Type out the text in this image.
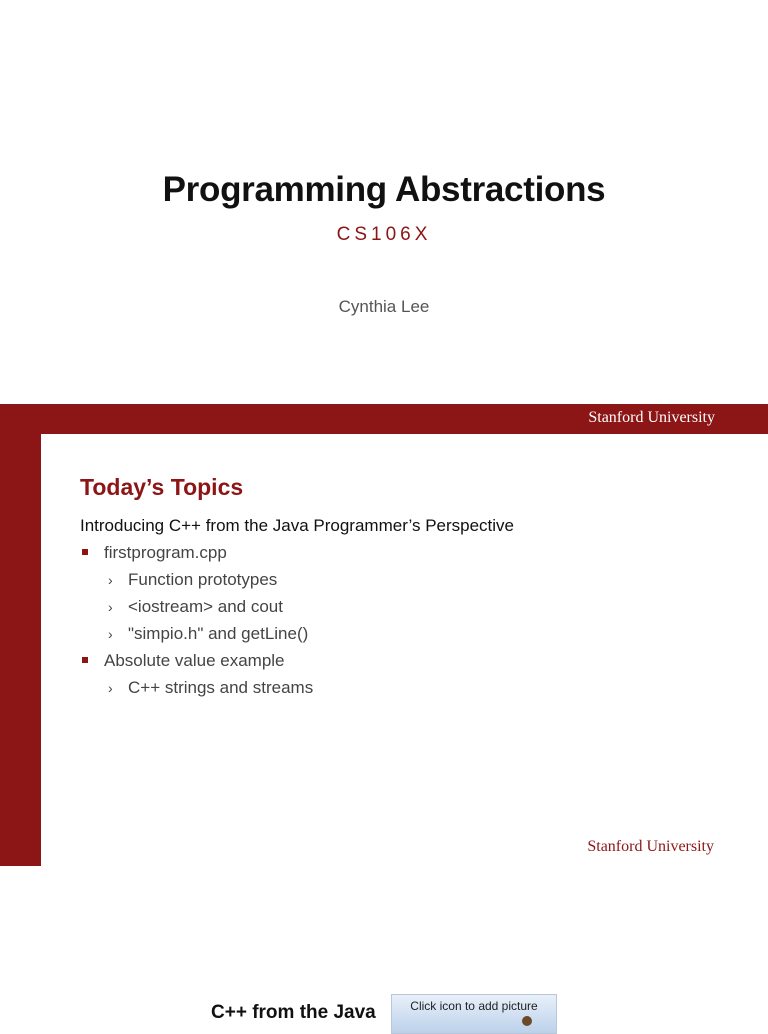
Programming Abstractions
CS106X
Cynthia Lee
Stanford University
Today’s Topics
Introducing C++ from the Java Programmer’s Perspective
firstprogram.cpp
› Function prototypes
› <iostream> and cout
› "simpio.h" and getLine()
Absolute value example
› C++ strings and streams
Stanford University
C++ from the Java	Click icon to add picture
